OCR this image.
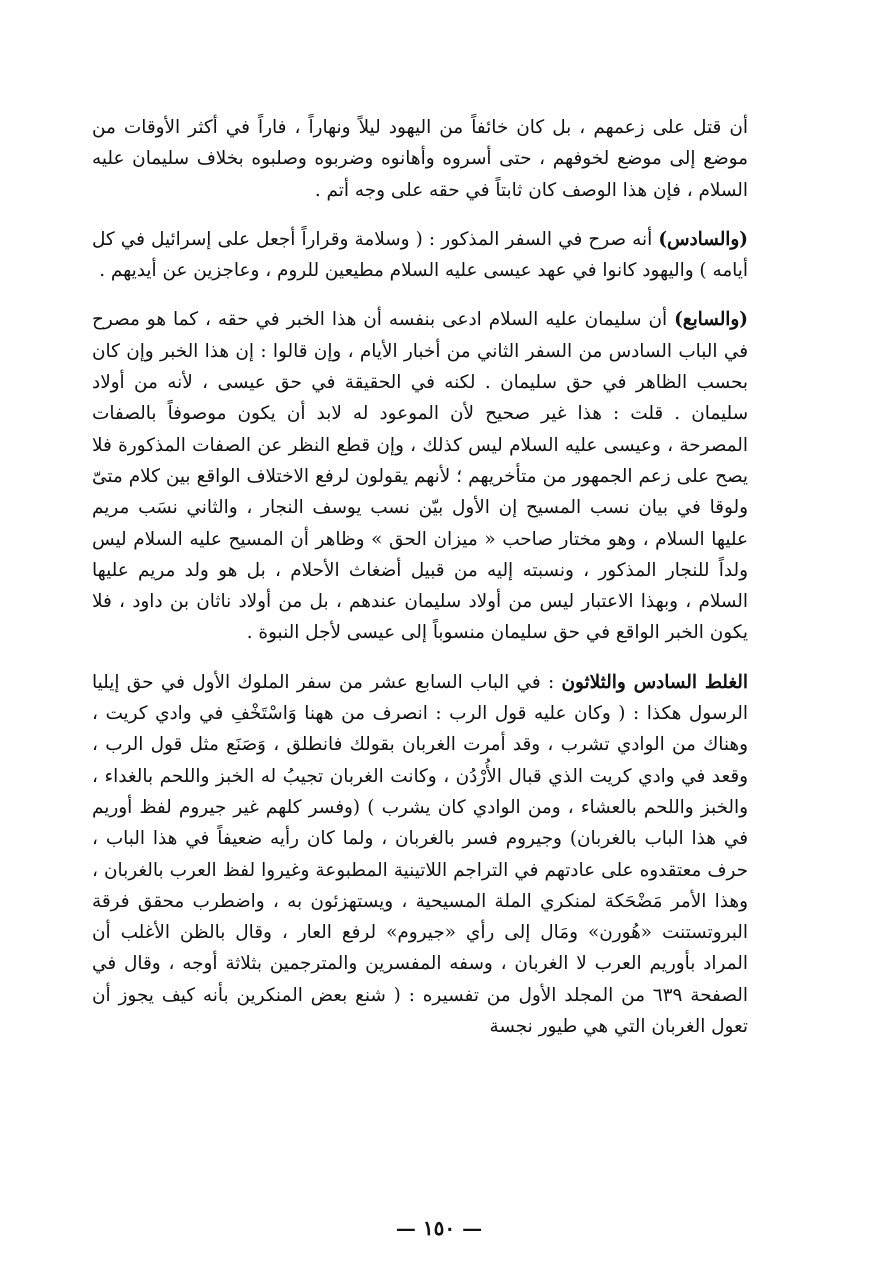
أن قتل على زعمهم ، بل كان خائفاً من اليهود ليلاً ونهاراً ، فاراً في أكثر الأوقات من موضع إلى موضع لخوفهم ، حتى أسروه وأهانوه وضربوه وصلبوه بخلاف سليمان عليه السلام ، فإن هذا الوصف كان ثابتاً في حقه على وجه أتم .

(والسادس) أنه صرح في السفر المذكور : ( وسلامة وقراراً أجعل على إسرائيل في كل أيامه ) واليهود كانوا في عهد عيسى عليه السلام مطيعين للروم ، وعاجزين عن أيديهم .

(والسابع) أن سليمان عليه السلام ادعى بنفسه أن هذا الخبر في حقه ، كما هو مصرح في الباب السادس من السفر الثاني من أخبار الأيام ، وإن قالوا : إن هذا الخبر وإن كان بحسب الظاهر في حق سليمان . لكنه في الحقيقة في حق عيسى ، لأنه من أولاد سليمان . قلت : هذا غير صحيح لأن الموعود له لابد أن يكون موصوفاً بالصفات المصرحة ، وعيسى عليه السلام ليس كذلك ، وإن قطع النظر عن الصفات المذكورة فلا يصح على زعم الجمهور من متأخريهم ؛ لأنهم يقولون لرفع الاختلاف الواقع بين كلام متىّ ولوقا في بيان نسب المسيح إن الأول بيّن نسب يوسف النجار ، والثاني نسَب مريم عليها السلام ، وهو مختار صاحب « ميزان الحق » وظاهر أن المسيح عليه السلام ليس ولداً للنجار المذكور ، ونسبته إليه من قبيل أضغاث الأحلام ، بل هو ولد مريم عليها السلام ، وبهذا الاعتبار ليس من أولاد سليمان عندهم ، بل من أولاد ناثان بن داود ، فلا يكون الخبر الواقع في حق سليمان منسوباً إلى عيسى لأجل النبوة .

الغلط السادس والثلاثون : في الباب السابع عشر من سفر الملوك الأول في حق إيليا الرسول هكذا : ( وكان عليه قول الرب : انصرف من ههنا وَاسْتَخْفِ في وادي كريت ، وهناك من الوادي تشرب ، وقد أمرت الغربان بقولك فانطلق ، وَصَنَع مثل قول الرب ، وقعد في وادي كريت الذي قبال الأُرْدُن ، وكانت الغربان تجيبُ له الخبز واللحم بالغداء ، والخبز واللحم بالعشاء ، ومن الوادي كان يشرب ) (وفسر كلهم غير جيروم لفظ أوريم في هذا الباب بالغربان) وجيروم فسر بالغربان ، ولما كان رأيه ضعيفاً في هذا الباب ، حرف معتقدوه على عادتهم في التراجم اللاتينية المطبوعة وغيروا لفظ العرب بالغربان ، وهذا الأمر مَضْحَكة لمنكري الملة المسيحية ، ويستهزئون به ، واضطرب محقق فرقة البروتستنت «هُورن» ومَال إلى رأي «جيروم» لرفع العار ، وقال بالظن الأغلب أن المراد بأوريم العرب لا الغربان ، وسفه المفسرين والمترجمين بثلاثة أوجه ، وقال في الصفحة ٦٣٩ من المجلد الأول من تفسيره : ( شنع بعض المنكرين بأنه كيف يجوز أن تعول الغربان التي هي طيور نجسة

— ١٥٠ —
